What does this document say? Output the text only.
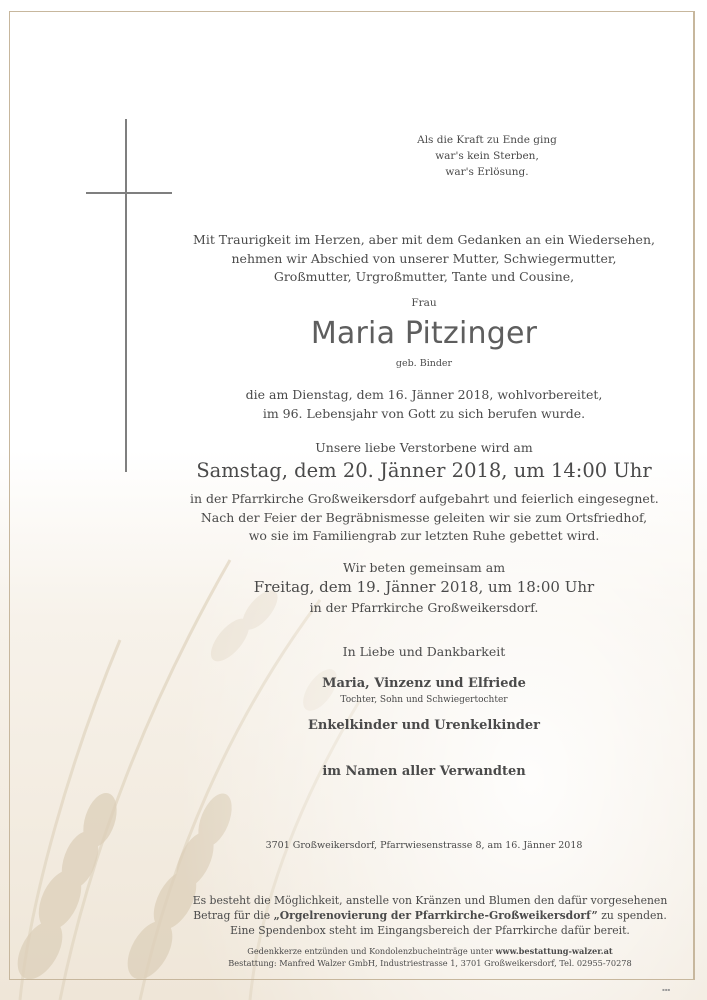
Als die Kraft zu Ende ging
war's kein Sterben,
war's Erlösung.
Mit Traurigkeit im Herzen, aber mit dem Gedanken an ein Wiedersehen,
nehmen wir Abschied von unserer Mutter, Schwiegermutter,
Großmutter, Urgroßmutter, Tante und Cousine,
Frau
Maria Pitzinger
geb. Binder
die am Dienstag, dem 16. Jänner 2018, wohlvorbereitet,
im 96. Lebensjahr von Gott zu sich berufen wurde.
Unsere liebe Verstorbene wird am
Samstag, dem 20. Jänner 2018, um 14:00 Uhr
in der Pfarrkirche Großweikersdorf aufgebahrt und feierlich eingesegnet.
Nach der Feier der Begräbnismesse geleiten wir sie zum Ortsfriedhof,
wo sie im Familiengrab zur letzten Ruhe gebettet wird.
Wir beten gemeinsam am
Freitag, dem 19. Jänner 2018, um 18:00 Uhr
in der Pfarrkirche Großweikersdorf.
In Liebe und Dankbarkeit
Maria, Vinzenz und Elfriede
Tochter, Sohn und Schwiegertochter
Enkelkinder und Urenkelkinder
im Namen aller Verwandten
3701 Großweikersdorf, Pfarrwiesenstrasse 8, am 16. Jänner 2018
Es besteht die Möglichkeit, anstelle von Kränzen und Blumen den dafür vorgesehenen
Betrag für die „Orgelrenovierung der Pfarrkirche-Großweikersdorf” zu spenden.
Eine Spendenbox steht im Eingangsbereich der Pfarrkirche dafür bereit.
Gedenkkerze entzünden und Kondolenzbucheinträge unter www.bestattung-walzer.at
Bestattung: Manfred Walzer GmbH, Industriestrasse 1, 3701 Großweikersdorf, Tel. 02955-70278
▪▪▪
